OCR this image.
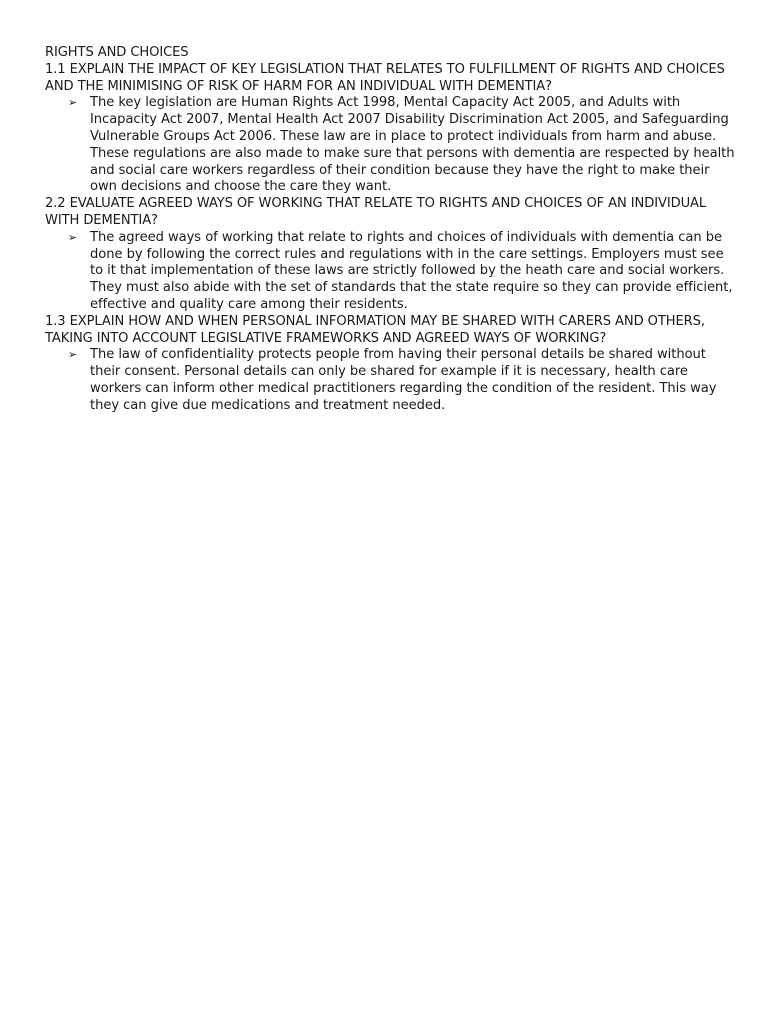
RIGHTS AND CHOICES

1.1 EXPLAIN THE IMPACT OF KEY LEGISLATION THAT RELATES TO FULFILLMENT OF RIGHTS AND CHOICES AND THE MINIMISING OF RISK OF HARM FOR AN INDIVIDUAL WITH DEMENTIA?

➢ The key legislation are Human Rights Act 1998, Mental Capacity Act 2005, and Adults with Incapacity Act 2007, Mental Health Act 2007 Disability Discrimination Act 2005, and Safeguarding Vulnerable Groups Act 2006. These law are in place to protect individuals from harm and abuse. These regulations are also made to make sure that persons with dementia are respected by health and social care workers regardless of their condition because they have the right to make their own decisions and choose the care they want.

2.2 EVALUATE AGREED WAYS OF WORKING THAT RELATE TO RIGHTS AND CHOICES OF AN INDIVIDUAL WITH DEMENTIA?

➢ The agreed ways of working that relate to rights and choices of individuals with dementia can be done by following the correct rules and regulations with in the care settings. Employers must see to it that implementation of these laws are strictly followed by the heath care and social workers. They must also abide with the set of standards that the state require so they can provide efficient, effective and quality care among their residents.

1.3 EXPLAIN HOW AND WHEN PERSONAL INFORMATION MAY BE SHARED WITH CARERS AND OTHERS, TAKING INTO ACCOUNT LEGISLATIVE FRAMEWORKS AND AGREED WAYS OF WORKING?

➢ The law of confidentiality protects people from having their personal details be shared without their consent. Personal details can only be shared for example if it is necessary, health care workers can inform other medical practitioners regarding the condition of the resident. This way they can give due medications and treatment needed.
